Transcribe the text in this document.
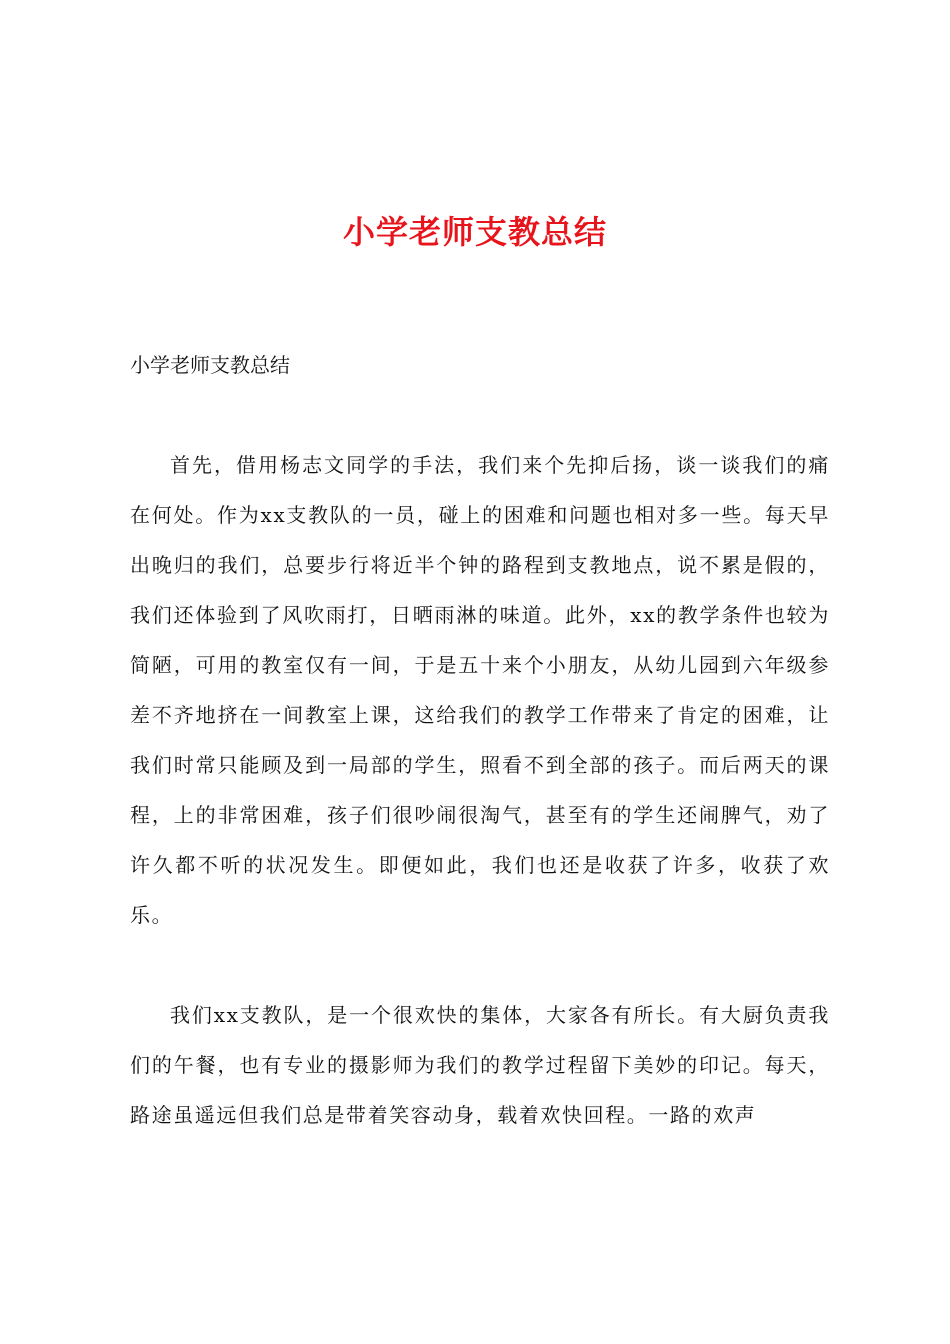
小学老师支教总结

小学老师支教总结

首先，借用杨志文同学的手法，我们来个先抑后扬，谈一谈我们的痛在何处。作为xx支教队的一员，碰上的困难和问题也相对多一些。每天早出晚归的我们，总要步行将近半个钟的路程到支教地点，说不累是假的，我们还体验到了风吹雨打，日晒雨淋的味道。此外，xx的教学条件也较为简陋，可用的教室仅有一间，于是五十来个小朋友，从幼儿园到六年级参差不齐地挤在一间教室上课，这给我们的教学工作带来了肯定的困难，让我们时常只能顾及到一局部的学生，照看不到全部的孩子。而后两天的课程，上的非常困难，孩子们很吵闹很淘气，甚至有的学生还闹脾气，劝了许久都不听的状况发生。即便如此，我们也还是收获了许多，收获了欢乐。

我们xx支教队，是一个很欢快的集体，大家各有所长。有大厨负责我们的午餐，也有专业的摄影师为我们的教学过程留下美妙的印记。每天，路途虽遥远但我们总是带着笑容动身，载着欢快回程。一路的欢声
